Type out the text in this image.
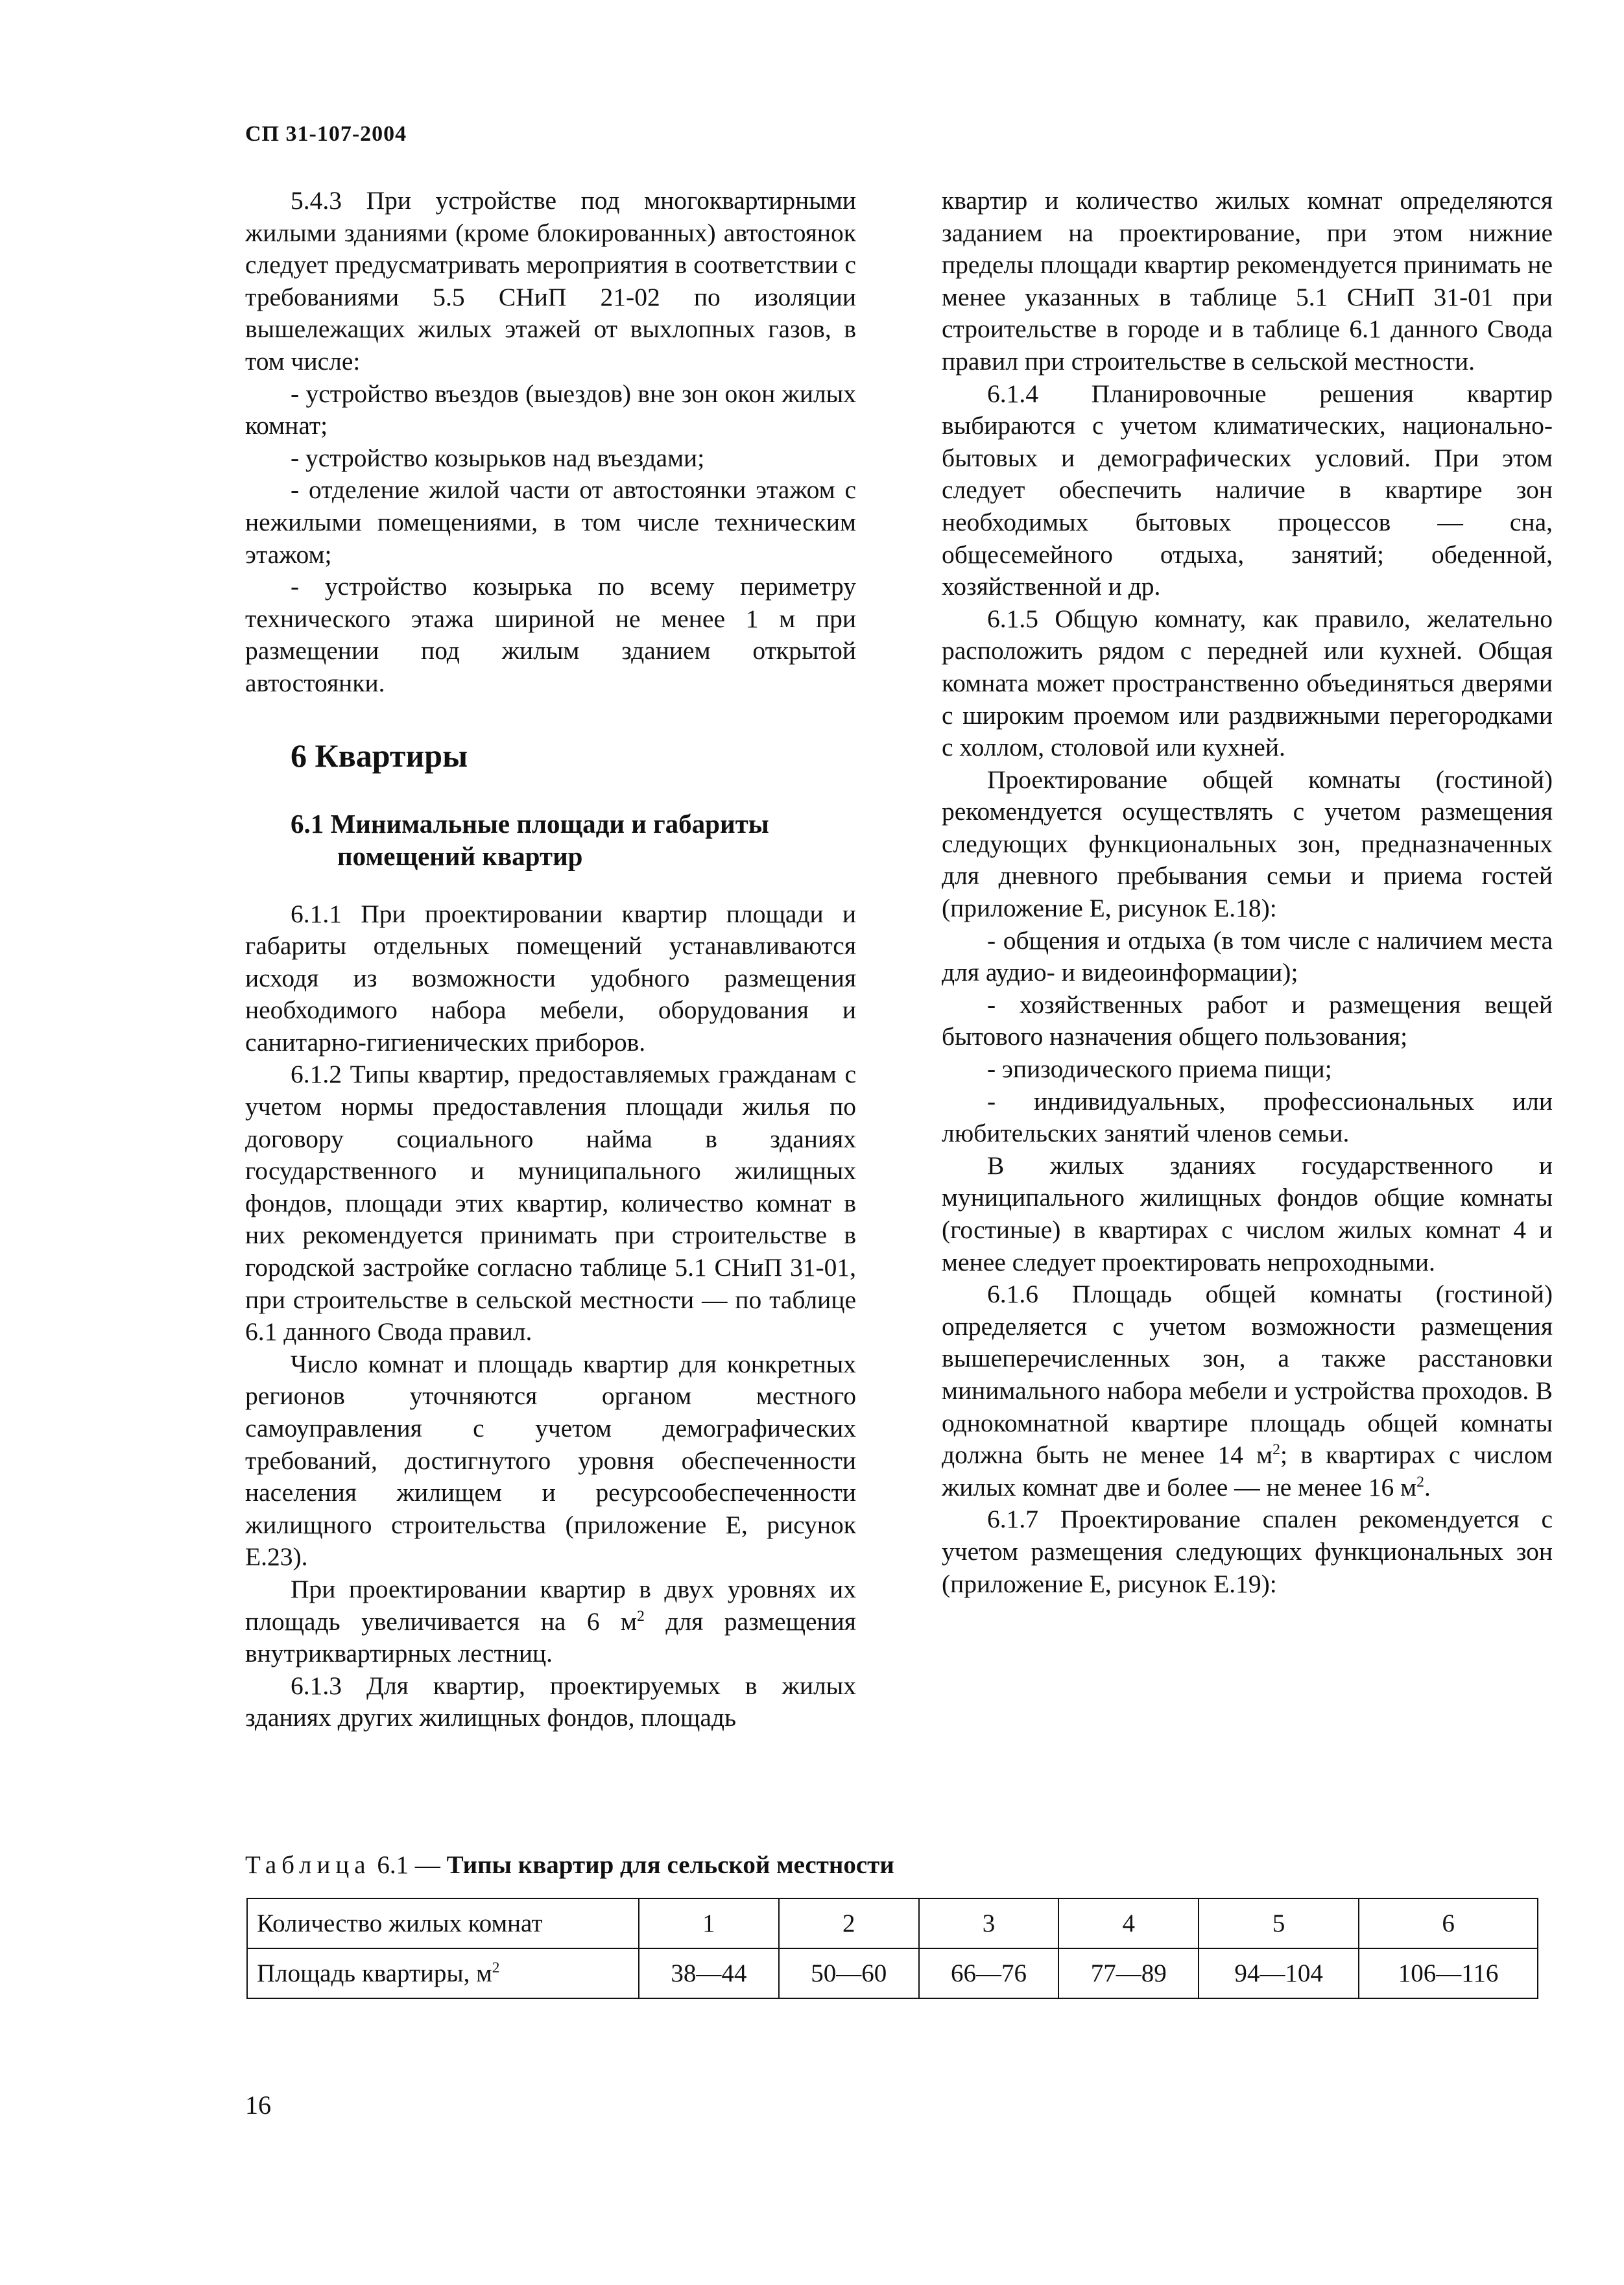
СП 31-107-2004

5.4.3 При устройстве под многоквартирными жилыми зданиями (кроме блокированных) автостоянок следует предусматривать мероприятия в соответствии с требованиями 5.5 СНиП 21-02 по изоляции вышележащих жилых этажей от выхлопных газов, в том числе:

- устройство въездов (выездов) вне зон окон жилых комнат;

- устройство козырьков над въездами;

- отделение жилой части от автостоянки этажом с нежилыми помещениями, в том числе техническим этажом;

- устройство козырька по всему периметру технического этажа шириной не менее 1 м при размещении под жилым зданием открытой автостоянки.

6 Квартиры
6.1 Минимальные площади и габариты
помещений квартир

6.1.1 При проектировании квартир площади и габариты отдельных помещений устанавливаются исходя из возможности удобного размещения необходимого набора мебели, оборудования и санитарно-гигиенических приборов.

6.1.2 Типы квартир, предоставляемых гражданам с учетом нормы предоставления площади жилья по договору социального найма в зданиях государственного и муниципального жилищных фондов, площади этих квартир, количество комнат в них рекомендуется принимать при строительстве в городской застройке согласно таблице 5.1 СНиП 31-01, при строительстве в сельской местности — по таблице 6.1 данного Свода правил.

Число комнат и площадь квартир для конкретных регионов уточняются органом местного самоуправления с учетом демографических требований, достигнутого уровня обеспеченности населения жилищем и ресурсообеспеченности жилищного строительства (приложение Е, рисунок Е.23).

При проектировании квартир в двух уровнях их площадь увеличивается на 6 $м^2$ для размещения внутриквартирных лестниц.

6.1.3 Для квартир, проектируемых в жилых зданиях других жилищных фондов, площадь

квартир и количество жилых комнат определяются заданием на проектирование, при этом нижние пределы площади квартир рекомендуется принимать не менее указанных в таблице 5.1 СНиП 31-01 при строительстве в городе и в таблице 6.1 данного Свода правил при строительстве в сельской местности.

6.1.4 Планировочные решения квартир выбираются с учетом климатических, национально-бытовых и демографических условий. При этом следует обеспечить наличие в квартире зон необходимых бытовых процессов — сна, общесемейного отдыха, занятий; обеденной, хозяйственной и др.

6.1.5 Общую комнату, как правило, желательно расположить рядом с передней или кухней. Общая комната может пространственно объединяться дверями с широким проемом или раздвижными перегородками с холлом, столовой или кухней.

Проектирование общей комнаты (гостиной) рекомендуется осуществлять с учетом размещения следующих функциональных зон, предназначенных для дневного пребывания семьи и приема гостей (приложение Е, рисунок Е.18):

- общения и отдыха (в том числе с наличием места для аудио- и видеоинформации);

- хозяйственных работ и размещения вещей бытового назначения общего пользования;

- эпизодического приема пищи;

- индивидуальных, профессиональных или любительских занятий членов семьи.

В жилых зданиях государственного и муниципального жилищных фондов общие комнаты (гостиные) в квартирах с числом жилых комнат 4 и менее следует проектировать непроходными.

6.1.6 Площадь общей комнаты (гостиной) определяется с учетом возможности размещения вышеперечисленных зон, а также расстановки минимального набора мебели и устройства проходов. В однокомнатной квартире площадь общей комнаты должна быть не менее 14 $м^2$; в квартирах с числом жилых комнат две и более — не менее 16 $м^2$.

6.1.7 Проектирование спален рекомендуется с учетом размещения следующих функциональных зон (приложение Е, рисунок Е.19):

Таблица 6.1 — Типы квартир для сельской местности
Количество жилых комнат	1	2	3	4	5	6
Площадь квартиры, $м^2$	38—44	50—60	66—76	77—89	94—104	106—116
16
